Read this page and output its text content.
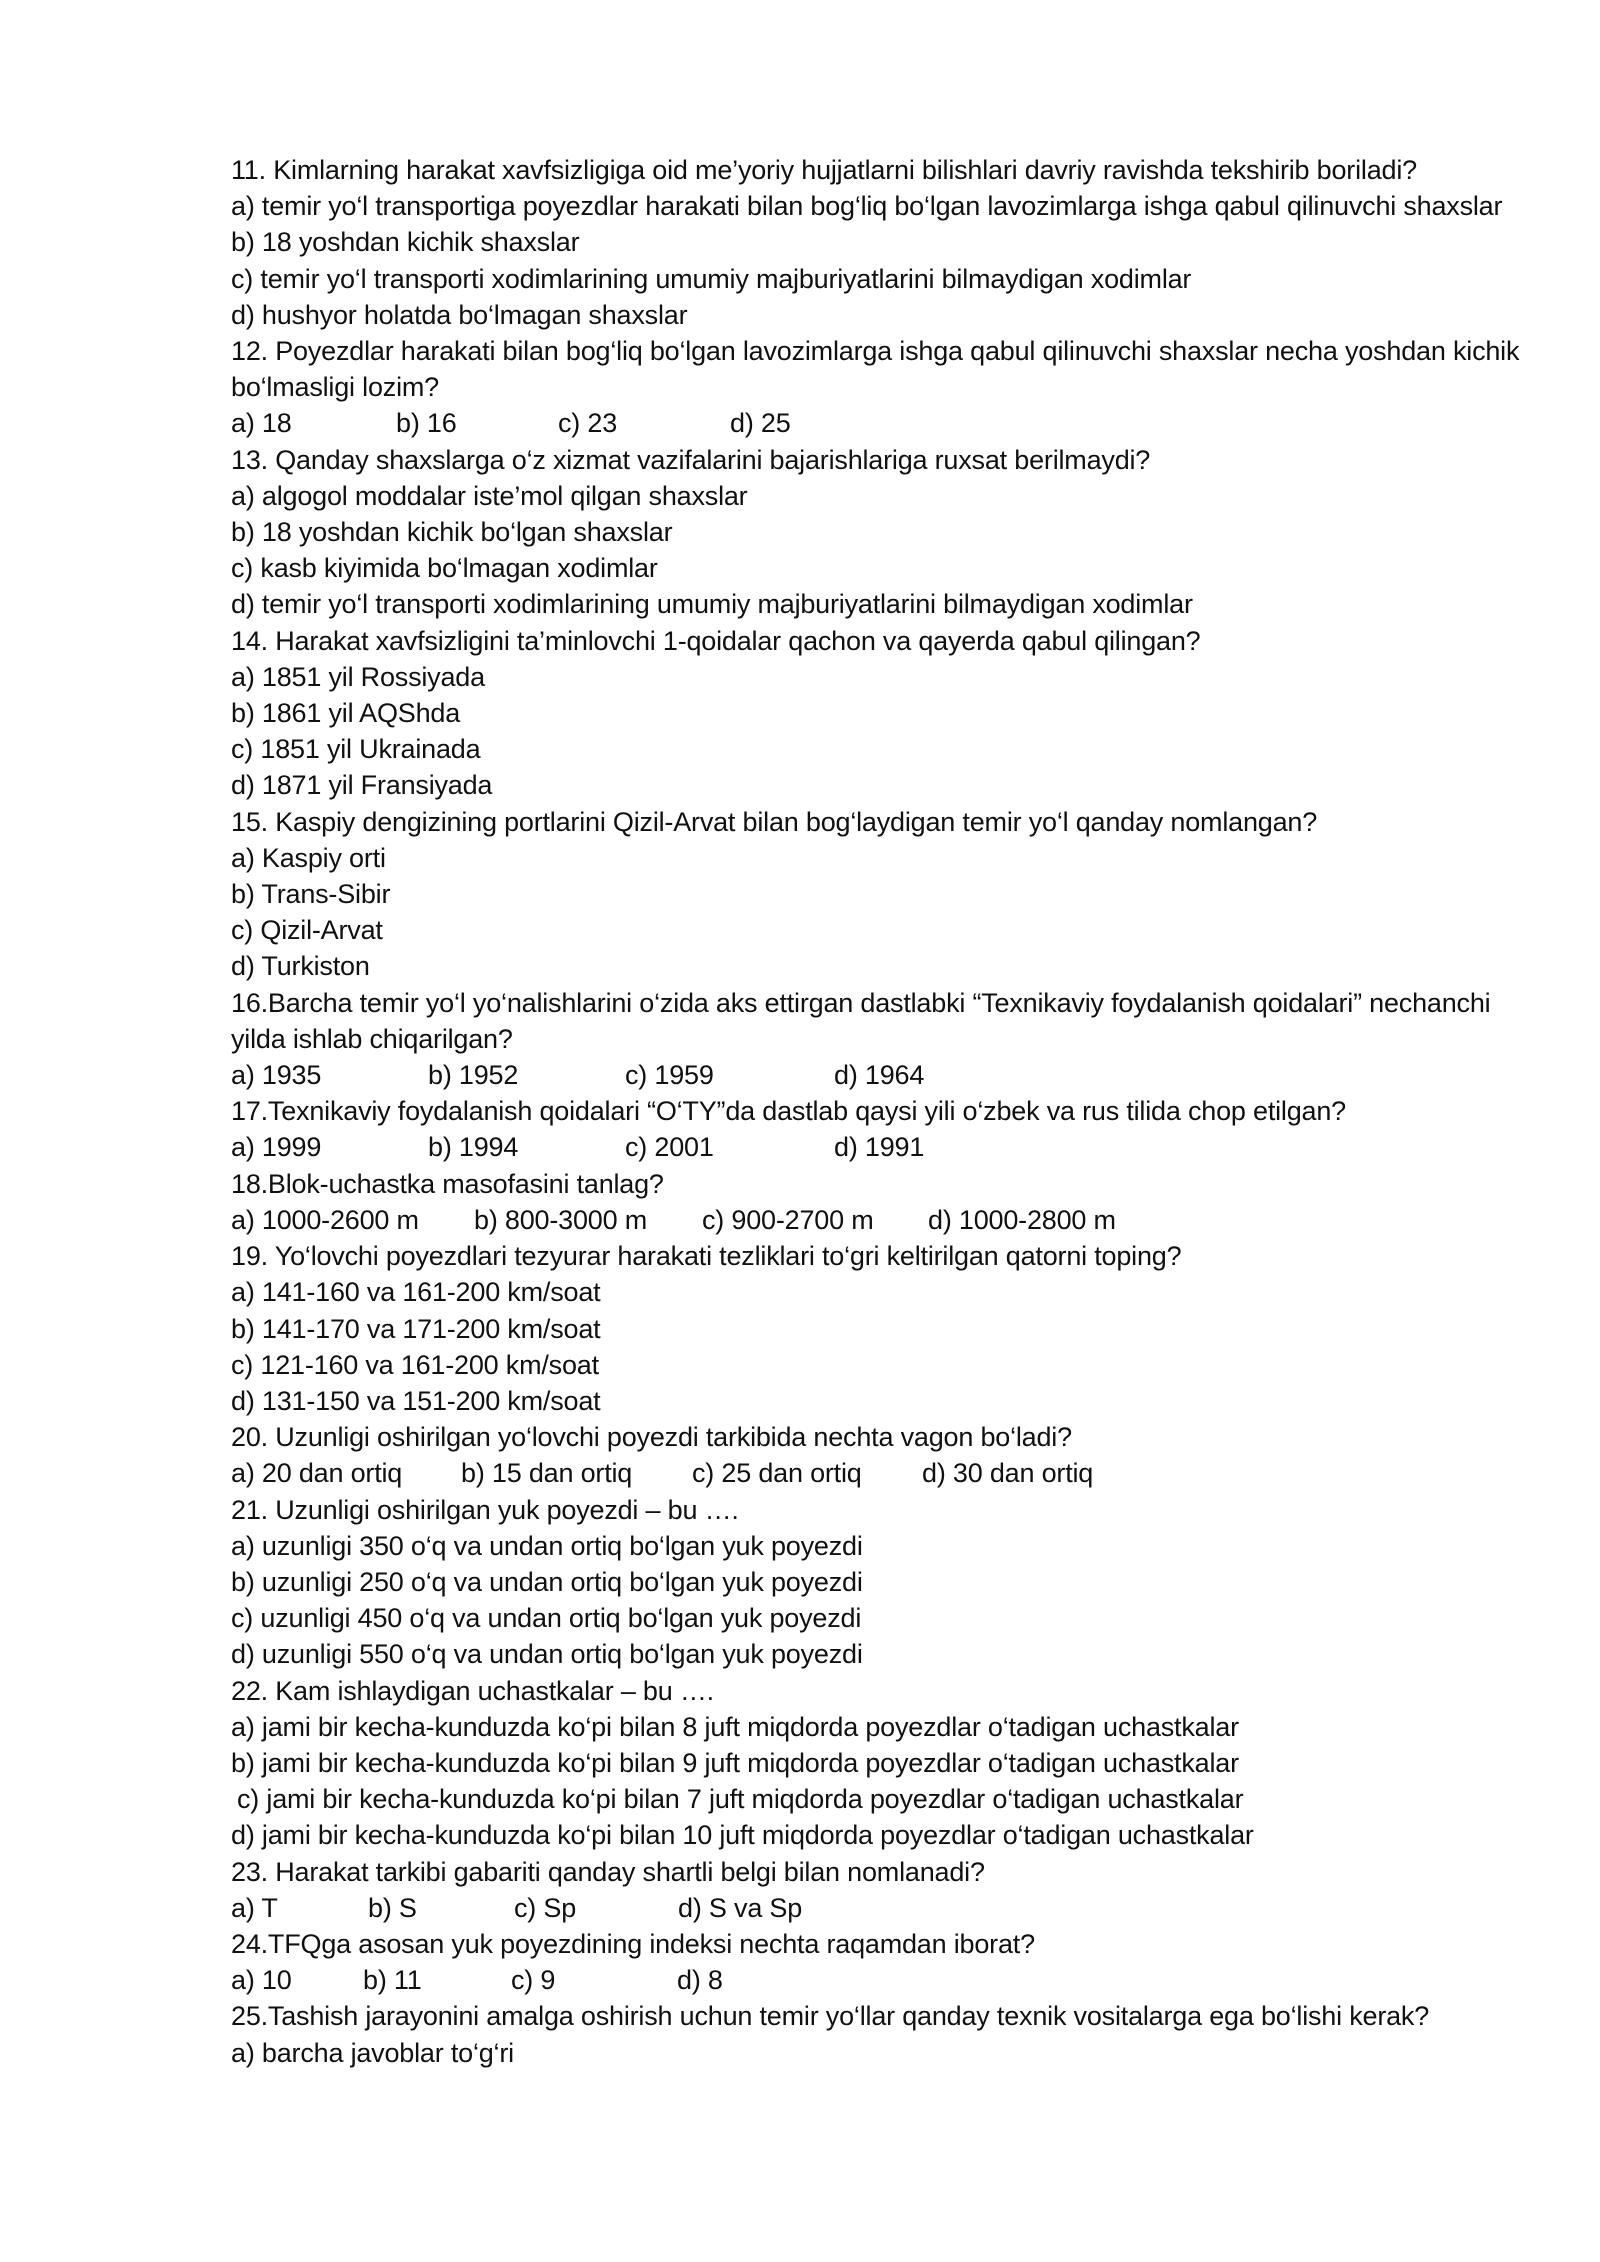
11. Kimlarning harakat xavfsizligiga oid me’yoriy hujjatlarni bilishlari davriy ravishda tekshirib boriladi?
a) temir yo‘l transportiga poyezdlar harakati bilan bog‘liq bo‘lgan lavozimlarga ishga qabul qilinuvchi shaxslar
b) 18 yoshdan kichik shaxslar
c) temir yo‘l transporti xodimlarining umumiy majburiyatlarini bilmaydigan xodimlar
d) hushyor holatda bo‘lmagan shaxslar
12. Poyezdlar harakati bilan bog‘liq bo‘lgan lavozimlarga ishga qabul qilinuvchi shaxslar necha yoshdan kichik bo‘lmasligi lozim?
a) 18	b) 16	c) 23	d) 25
13. Qanday shaxslarga o‘z xizmat vazifalarini bajarishlariga ruxsat berilmaydi?
a) algogol moddalar iste’mol qilgan shaxslar
b) 18 yoshdan kichik bo‘lgan shaxslar
c) kasb kiyimida bo‘lmagan xodimlar
d) temir yo‘l transporti xodimlarining umumiy majburiyatlarini bilmaydigan xodimlar
14. Harakat xavfsizligini ta’minlovchi 1-qoidalar qachon va qayerda qabul qilingan?
a) 1851 yil Rossiyada
b) 1861 yil AQShda
c) 1851 yil Ukrainada
d) 1871 yil Fransiyada
15. Kaspiy dengizining portlarini Qizil-Arvat bilan bog‘laydigan temir yo‘l qanday nomlangan?
a) Kaspiy orti
b) Trans-Sibir
c) Qizil-Arvat
d) Turkiston
16.Barcha temir yo‘l yo‘nalishlarini o‘zida aks ettirgan dastlabki “Texnikaviy foydalanish qoidalari” nechanchi yilda ishlab chiqarilgan?
a) 1935	b) 1952	c) 1959	d) 1964
17.Texnikaviy foydalanish qoidalari “O‘TY”da dastlab qaysi yili o‘zbek va rus tilida chop etilgan?
a) 1999	b) 1994	c) 2001	d) 1991
18.Blok-uchastka masofasini tanlag?
a) 1000-2600 m	b) 800-3000 m	c) 900-2700 m	d) 1000-2800 m
19. Yo‘lovchi poyezdlari tezyurar harakati tezliklari to‘gri keltirilgan qatorni toping?
a) 141-160 va 161-200 km/soat
b) 141-170 va 171-200 km/soat
c) 121-160 va 161-200 km/soat
d) 131-150 va 151-200 km/soat
20. Uzunligi oshirilgan yo‘lovchi poyezdi tarkibida nechta vagon bo‘ladi?
a) 20 dan ortiq	b) 15 dan ortiq	c) 25 dan ortiq	d) 30 dan ortiq
21. Uzunligi oshirilgan yuk poyezdi – bu ….
a) uzunligi 350 o‘q va undan ortiq bo‘lgan yuk poyezdi
b) uzunligi 250 o‘q va undan ortiq bo‘lgan yuk poyezdi
c) uzunligi 450 o‘q va undan ortiq bo‘lgan yuk poyezdi
d) uzunligi 550 o‘q va undan ortiq bo‘lgan yuk poyezdi
22. Kam ishlaydigan uchastkalar – bu ….
a) jami bir kecha-kunduzda ko‘pi bilan 8 juft miqdorda poyezdlar o‘tadigan uchastkalar
b) jami bir kecha-kunduzda ko‘pi bilan 9 juft miqdorda poyezdlar o‘tadigan uchastkalar
c) jami bir kecha-kunduzda ko‘pi bilan 7 juft miqdorda poyezdlar o‘tadigan uchastkalar
d) jami bir kecha-kunduzda ko‘pi bilan 10 juft miqdorda poyezdlar o‘tadigan uchastkalar
23. Harakat tarkibi gabariti qanday shartli belgi bilan nomlanadi?
a) T	b) S	c) Sp	d) S va Sp
24.TFQga asosan yuk poyezdining indeksi nechta raqamdan iborat?
a) 10	b) 11	c) 9	d) 8
25.Tashish jarayonini amalga oshirish uchun temir yo‘llar qanday texnik vositalarga ega bo‘lishi kerak?
a) barcha javoblar to‘g‘ri
